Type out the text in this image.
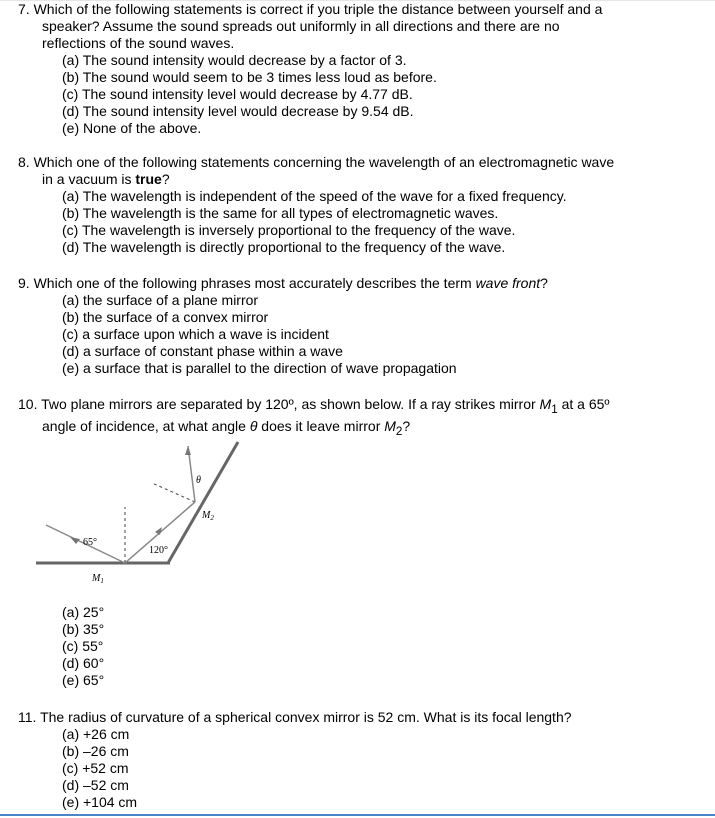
7. Which of the following statements is correct if you triple the distance between yourself and a
speaker? Assume the sound spreads out uniformly in all directions and there are no
reflections of the sound waves.

(a) The sound intensity would decrease by a factor of 3.
(b) The sound would seem to be 3 times less loud as before.
(c) The sound intensity level would decrease by 4.77 dB.
(d) The sound intensity level would decrease by 9.54 dB.
(e) None of the above.

8. Which one of the following statements concerning the wavelength of an electromagnetic wave
in a vacuum is true?

(a) The wavelength is independent of the speed of the wave for a fixed frequency.
(b) The wavelength is the same for all types of electromagnetic waves.
(c) The wavelength is inversely proportional to the frequency of the wave.
(d) The wavelength is directly proportional to the frequency of the wave.

9. Which one of the following phrases most accurately describes the term wave front?

(a) the surface of a plane mirror
(b) the surface of a convex mirror
(c) a surface upon which a wave is incident
(d) a surface of constant phase within a wave
(e) a surface that is parallel to the direction of wave propagation

10. Two plane mirrors are separated by 120º, as shown below. If a ray strikes mirror $M_1$ at a 65º
angle of incidence, at what angle θ does it leave mirror $M_2$?

65°
120°
θ
$M_1$
$M_2$
(a) 25°
(b) 35°
(c) 55°
(d) 60°
(e) 65°

11. The radius of curvature of a spherical convex mirror is 52 cm. What is its focal length?

(a) +26 cm
(b) –26 cm
(c) +52 cm
(d) –52 cm
(e) +104 cm
